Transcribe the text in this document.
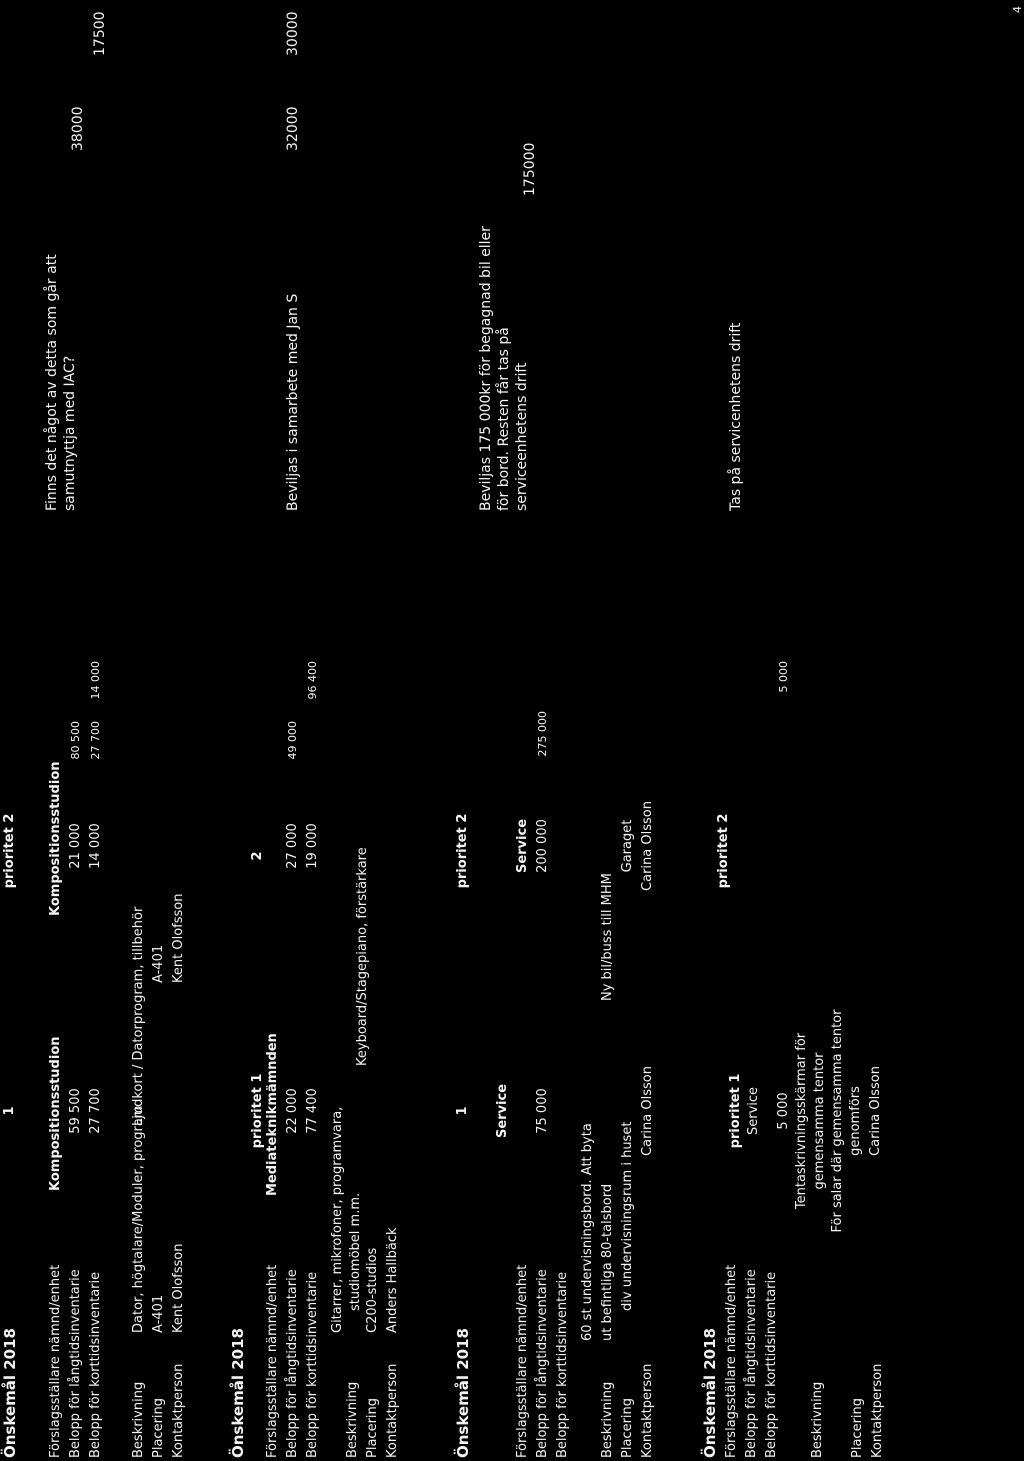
Önskemål 2018
1
prioritet 2
Förslagsställare nämnd/enhet Belopp för långtidsinventarie Belopp för korttidsinventarie Beskrivning Placering Kontaktperson
Kompositionsstudion 59 500 27 700 Dator, högtalare/Moduler, program A-401 Kent Olofsson
Kompositionsstudion 21 000 14 000
Ljudkort / Datorprogram, tillbehör A-401 Kent Olofsson
80 500 27 700
14 000
Finns det något av detta som går att samutnyttja med IAC?
38000
17500
Önskemål 2018
prioritet 1
2
Förslagsställare nämnd/enhet Belopp för långtidsinventarie Belopp för korttidsinventarie Beskrivning Placering Kontaktperson
Mediateknikmämnden 22 000 77 400 Gitarrer, mikrofoner, programvara, studiomöbel m.m. C200-studios Anders Hallbäck
27 000 19 000
Keyboard/Stagepiano, förstärkare
49 000
96 400
Beviljas i samarbete med Jan S
32000
30000
Önskemål 2018
1
prioritet 2
Förslagsställare nämnd/enhet Belopp för långtidsinventarie Belopp för korttidsinventarie Beskrivning Placering Kontaktperson
Service 75 000
60 st undervisningsbord. Att byta ut befintliga 80-talsbord div undervisningsrum i huset
Carina Olsson
Service 200 000
Ny bil/buss till MHM
Garaget Carina Olsson
275 000
Beviljas 175 000kr för begagnad bil eller för bord. Resten får tas på serviceenhetens drift
175000
Önskemål 2018
prioritet 1
prioritet 2
Förslagsställare nämnd/enhet Belopp för långtidsinventarie Belopp för korttidsinventarie Beskrivning Placering Kontaktperson
Service 5 000 Tentaskrivningsskärmar för gemensamma tentor För salar där gemensamma tentor genomförs Carina Olsson
5 000
Tas på servicenhetens drift
4
